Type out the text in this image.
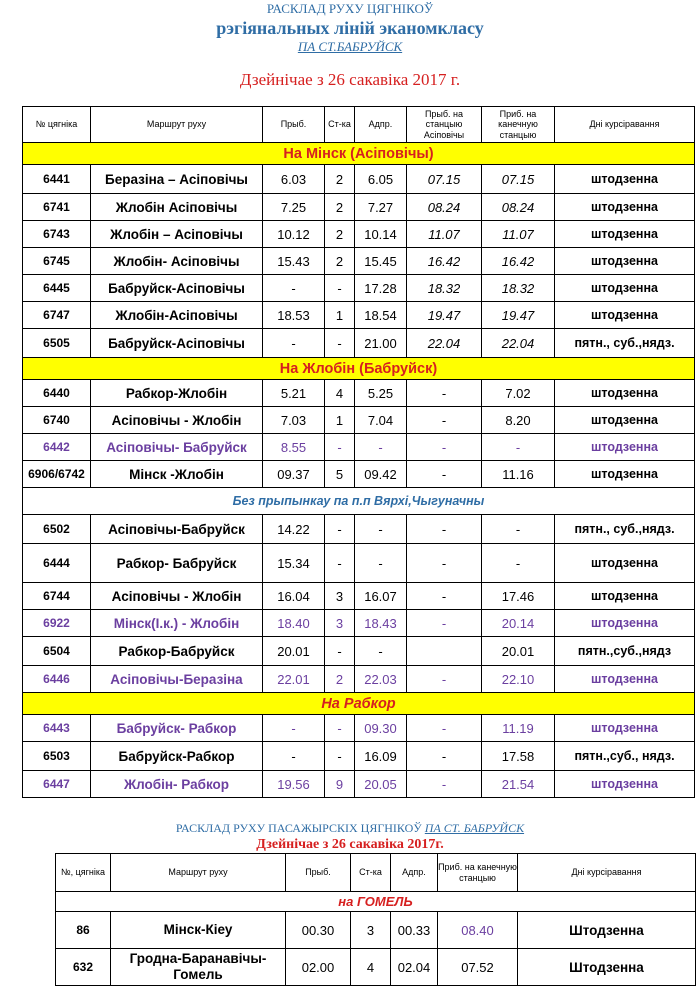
РАСКЛАД РУХУ ЦЯГНІКОЎ
рэгіянальных ліній эканомкласу
ПА СТ.БАБРУЙСК
Дзейнічае з 26 сакавіка 2017 г.
№ цягніка	Маршрут руху	Прыб.	Ст-ка	Адпр.	Прыб. на станцыю Асіповічы	Приб. на канечную станцыю	Дні курсіравання
На Мінск (Асіповічы)							
6441	Беразіна – Асіповічы	6.03	2	6.05	07.15	07.15	штодзенна
6741	Жлобін Асіповічы	7.25	2	7.27	08.24	08.24	штодзенна
6743	Жлобін – Асіповічы	10.12	2	10.14	11.07	11.07	штодзенна
6745	Жлобін- Асіповічы	15.43	2	15.45	16.42	16.42	штодзенна
6445	Бабруйск-Асіповічы	-	-	17.28	18.32	18.32	штодзенна
6747	Жлобін-Асіповічы	18.53	1	18.54	19.47	19.47	штодзенна
6505	Бабруйск-Асіповічы	-	-	21.00	22.04	22.04	пятн., суб.,нядз.
На Жлобін (Бабруйск)							
6440	Рабкор-Жлобін	5.21	4	5.25	-	7.02	штодзенна
6740	Асіповічы - Жлобін	7.03	1	7.04	-	8.20	штодзенна
6442	Асіповічы- Бабруйск	8.55	-	-	-	-	штодзенна
6906/6742	Мінск -Жлобін	09.37	5	09.42	-	11.16	штодзенна
Без прыпынкау па п.п Вярхі,Чыгуначны							
6502	Асіповічы-Бабруйск	14.22	-	-	-	-	пятн., суб.,нядз.
6444	Рабкор- Бабруйск	15.34	-	-	-	-	штодзенна
6744	Асіповічы - Жлобін	16.04	3	16.07	-	17.46	штодзенна
6922	Мінск(I.к.) - Жлобін	18.40	3	18.43	-	20.14	штодзенна
6504	Рабкор-Бабруйск	20.01	-	-		20.01	пятн.,суб.,нядз
6446	Асіповічы-Беразіна	22.01	2	22.03	-	22.10	штодзенна
На Рабкор							
6443	Бабруйск- Рабкор	-	-	09.30	-	11.19	штодзенна
6503	Бабруйск-Рабкор	-	-	16.09	-	17.58	пятн.,суб., нядз.
6447	Жлобін- Рабкор	19.56	9	20.05	-	21.54	штодзенна
РАСКЛАД РУХУ ПАСАЖЫРСКІХ ЦЯГНІКОЎ ПА СТ. БАБРУЙСК
Дзейнічае з 26 сакавіка 2017г.
№, цягніка	Маршрут руху	Прыб.	Ст-ка	Адпр.	Приб. на канечную станцыю	Дні курсіравання
на ГОМЕЛЬ						
86	Мінск-Кіеу	00.30	3	00.33	08.40	Штодзенна
632	Гродна-Баранавічы-Гомель	02.00	4	02.04	07.52	Штодзенна
